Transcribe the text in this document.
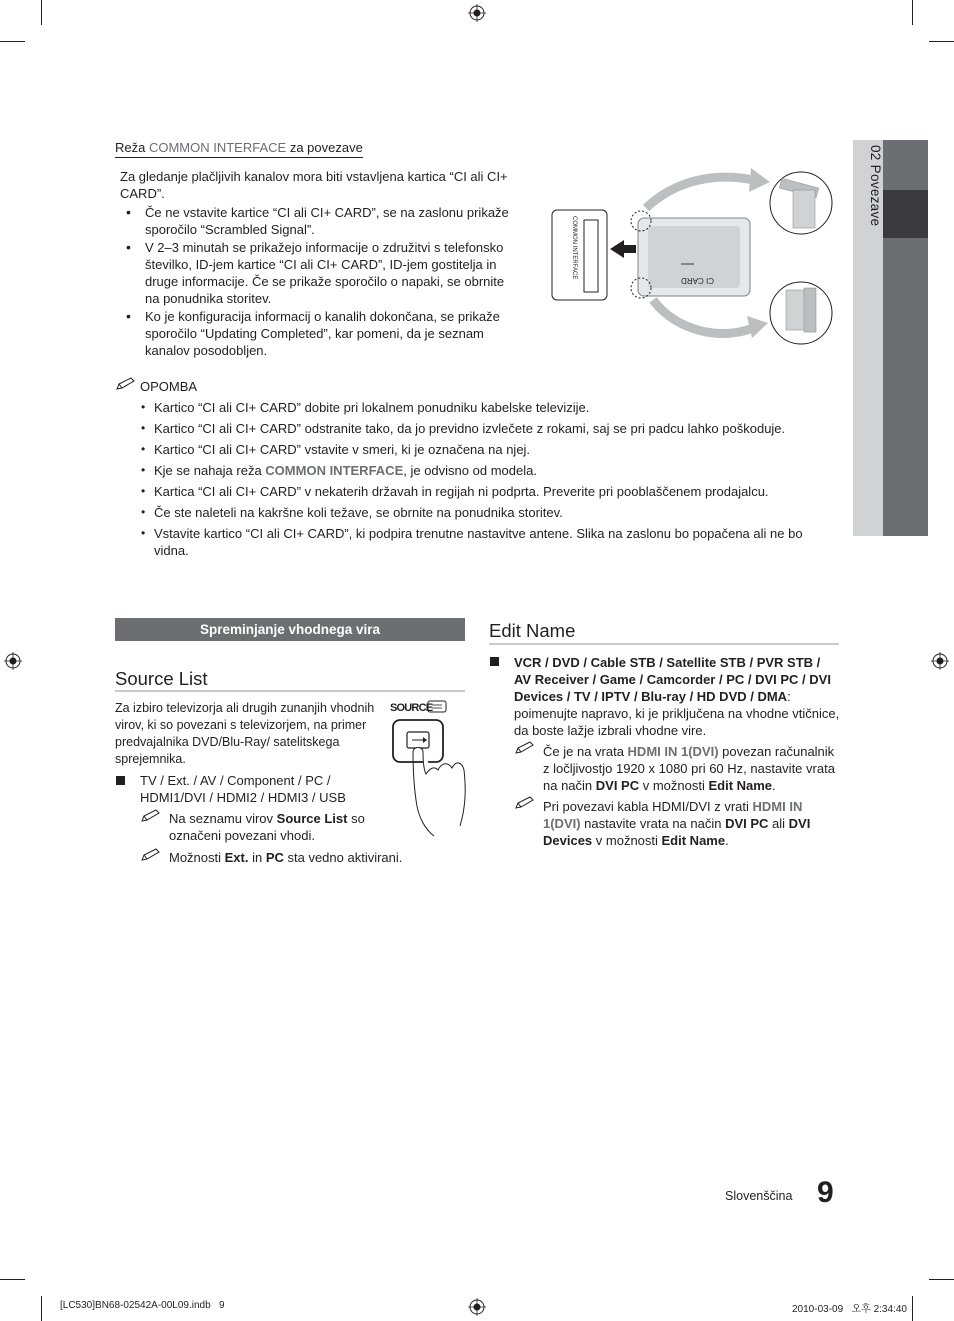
02 Povezave
Reža COMMON INTERFACE za povezave
Za gledanje plačljivih kanalov mora biti vstavljena kartica “CI ali CI+ CARD”.
• Če ne vstavite kartice “CI ali CI+ CARD”, se na zaslonu prikaže sporočilo “Scrambled Signal”.
• V 2–3 minutah se prikažejo informacije o združitvi s telefonsko številko, ID-jem kartice “CI ali CI+ CARD”, ID-jem gostitelja in druge informacije. Če se prikaže sporočilo o napaki, se obrnite na ponudnika storitev.
• Ko je konfiguracija informacij o kanalih dokončana, se prikaže sporočilo “Updating Completed”, kar pomeni, da je seznam kanalov posodobljen.
COMMON INTERFACE
CI CARD
OPOMBA
• Kartico “CI ali CI+ CARD” dobite pri lokalnem ponudniku kabelske televizije.
• Kartico “CI ali CI+ CARD” odstranite tako, da jo previdno izvlečete z rokami, saj se pri padcu lahko poškoduje.
• Kartico “CI ali CI+ CARD” vstavite v smeri, ki je označena na njej.
• Kje se nahaja reža COMMON INTERFACE, je odvisno od modela.
• Kartica “CI ali CI+ CARD” v nekaterih državah in regijah ni podprta. Preverite pri pooblaščenem prodajalcu.
• Če ste naleteli na kakršne koli težave, se obrnite na ponudnika storitev.
• Vstavite kartico “CI ali CI+ CARD”, ki podpira trenutne nastavitve antene. Slika na zaslonu bo popačena ali ne bo vidna.
Spreminjanje vhodnega vira
Source List
Za izbiro televizorja ali drugih zunanjih vhodnih virov, ki so povezani s televizorjem, na primer predvajalnika DVD/Blu-Ray/ satelitskega sprejemnika.
SOURCE
TV / Ext. / AV / Component / PC / HDMI1/DVI / HDMI2 / HDMI3 / USB
Na seznamu virov Source List so označeni povezani vhodi.
Možnosti Ext. in PC sta vedno aktivirani.
Edit Name
VCR / DVD / Cable STB / Satellite STB / PVR STB / AV Receiver / Game / Camcorder / PC / DVI PC / DVI Devices / TV / IPTV / Blu-ray / HD DVD / DMA: poimenujte napravo, ki je priključena na vhodne vtičnice, da boste lažje izbrali vhodne vire.
Če je na vrata HDMI IN 1(DVI) povezan računalnik z ločljivostjo 1920 x 1080 pri 60 Hz, nastavite vrata na način DVI PC v možnosti Edit Name.
Pri povezavi kabla HDMI/DVI z vrati HDMI IN 1(DVI) nastavite vrata na način DVI PC ali DVI Devices v možnosti Edit Name.
Slovenščina 9
[LC530]BN68-02542A-00L09.indb   9	2010-03-09   오후 2:34:40
